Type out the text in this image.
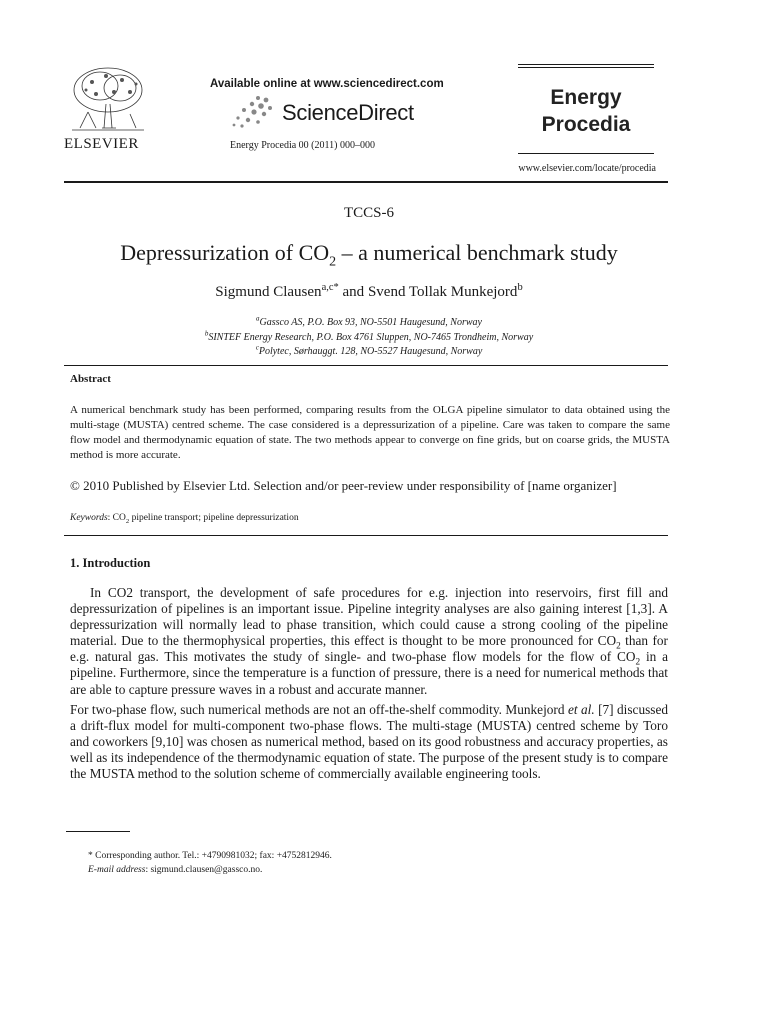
ELSEVIER
Available online at www.sciencedirect.com
ScienceDirect
Energy Procedia 00 (2011) 000–000
Energy
Procedia
www.elsevier.com/locate/procedia
TCCS-6
Depressurization of $CO_2$ – a numerical benchmark study
Sigmund Clausen$^{a,c*}$ and Svend Tollak Munkejord$^b$
$^a$Gassco AS, P.O. Box 93, NO-5501 Haugesund, Norway
$^b$SINTEF Energy Research, P.O. Box 4761 Sluppen, NO-7465 Trondheim, Norway
$^c$Polytec, Sørhauggt. 128, NO-5527 Haugesund, Norway
Abstract
A numerical benchmark study has been performed, comparing results from the OLGA pipeline simulator to data obtained using the multi-stage (MUSTA) centred scheme. The case considered is a depressurization of a pipeline. Care was taken to compare the same flow model and thermodynamic equation of state. The two methods appear to converge on fine grids, but on coarse grids, the MUSTA method is more accurate.
© 2010 Published by Elsevier Ltd. Selection and/or peer-review under responsibility of [name organizer]
Keywords: $CO_2$ pipeline transport; pipeline depressurization
1. Introduction
In CO2 transport, the development of safe procedures for e.g. injection into reservoirs, first fill and depressurization of pipelines is an important issue. Pipeline integrity analyses are also gaining interest [1,3]. A depressurization will normally lead to phase transition, which could cause a strong cooling of the pipeline material. Due to the thermophysical properties, this effect is thought to be more pronounced for $CO_2$ than for e.g. natural gas. This motivates the study of single- and two-phase flow models for the flow of $CO_2$ in a pipeline. Furthermore, since the temperature is a function of pressure, there is a need for numerical methods that are able to capture pressure waves in a robust and accurate manner.
For two-phase flow, such numerical methods are not an off-the-shelf commodity. Munkejord et al. [7] discussed a drift-flux model for multi-component two-phase flows. The multi-stage (MUSTA) centred scheme by Toro and coworkers [9,10] was chosen as numerical method, based on its good robustness and accuracy properties, as well as its independence of the thermodynamic equation of state. The purpose of the present study is to compare the MUSTA method to the solution scheme of commercially available engineering tools.
* Corresponding author. Tel.: +4790981032; fax: +4752812946.
E-mail address: sigmund.clausen@gassco.no.
